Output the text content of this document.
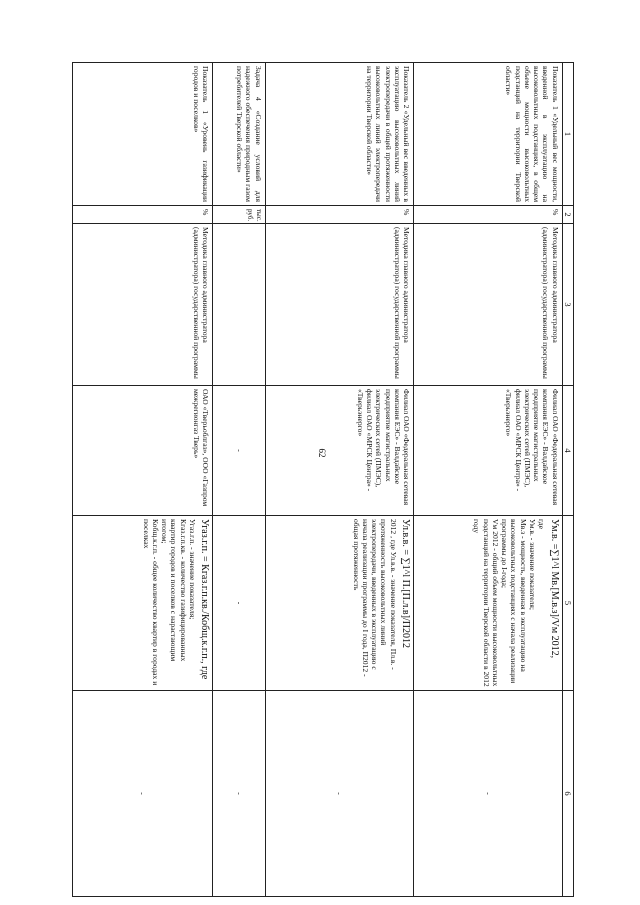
62
1	2	3	4	5	6
Показатель 1 «Удельный вес мощности, введенной в эксплуатацию на высоковольтных подстанциях, в общем объеме мощности высоковольтных подстанций на территории Тверской области»	%	Методика главного администратора (администратора) государственной программы	Филиал ОАО «Федеральная сетевая компания ЕЭС» - Валдайское предприятие магистральных электрических сетей (ПМЭС), филиал ОАО «МРСК Центра» - «Тверьэнерго»	Ум.в. =∑1^l Мв.[М.в.з]/Vм 2012,
где
Ум.в. - значение показателя;
Мв.з - мощность, введенная в эксплуатацию на высоковольтных подстанциях с начала реализации программы до I-года;
Vм 2012 - общий объем мощности высоковольтных подстанций на территории Тверской области в 2012 году	-
Показатель 2 «Удельный вес введенных в эксплуатацию высоковольтных линий электропередачи в общей протяженности высоковольтных линий электропередачи на территории Тверской области»	%	Методика главного администратора (администратора) государственной программы	Филиал ОАО «Федеральная сетевая компания ЕЭС» - Валдайское предприятие магистральных электрических сетей (ПМЭС), филиал ОАО «МРСК Центра» - «Тверьэнерго»	Ул.в.в. = ∑1^l П.[П.л.в]/П2012
2012 , где Ул.в.в. - значение показателя, Пл.в. - протяженность высоковольтных линий электропередачи, введенных в эксплуатацию с начала реализации программы до I года, П2012 - общая протяженность	-
Задача 4 «Создание условий для надежного обеспечения природным газом потребителей Тверской области»	тыс. руб.		-	-	-
Показатель 1 «Уровень газификации городов и поселков»	%	Методика главного администратора (администратора) государственной программы	ОАО «Тверьоблгаз», ООО «Газпром межрегионгаз Тверь»	Угаз.г.п. = Кгаз.г.п.кв./Кобщ.к.г.п., где
Угаз.г.п. - значение показателя;
Кгаз.г.п.кв. - количество газифицированных квартир городов и поселков с нарастающим итогом;
Кобщ.к.г.п. - общее количество квартир в городах и поселках	-
